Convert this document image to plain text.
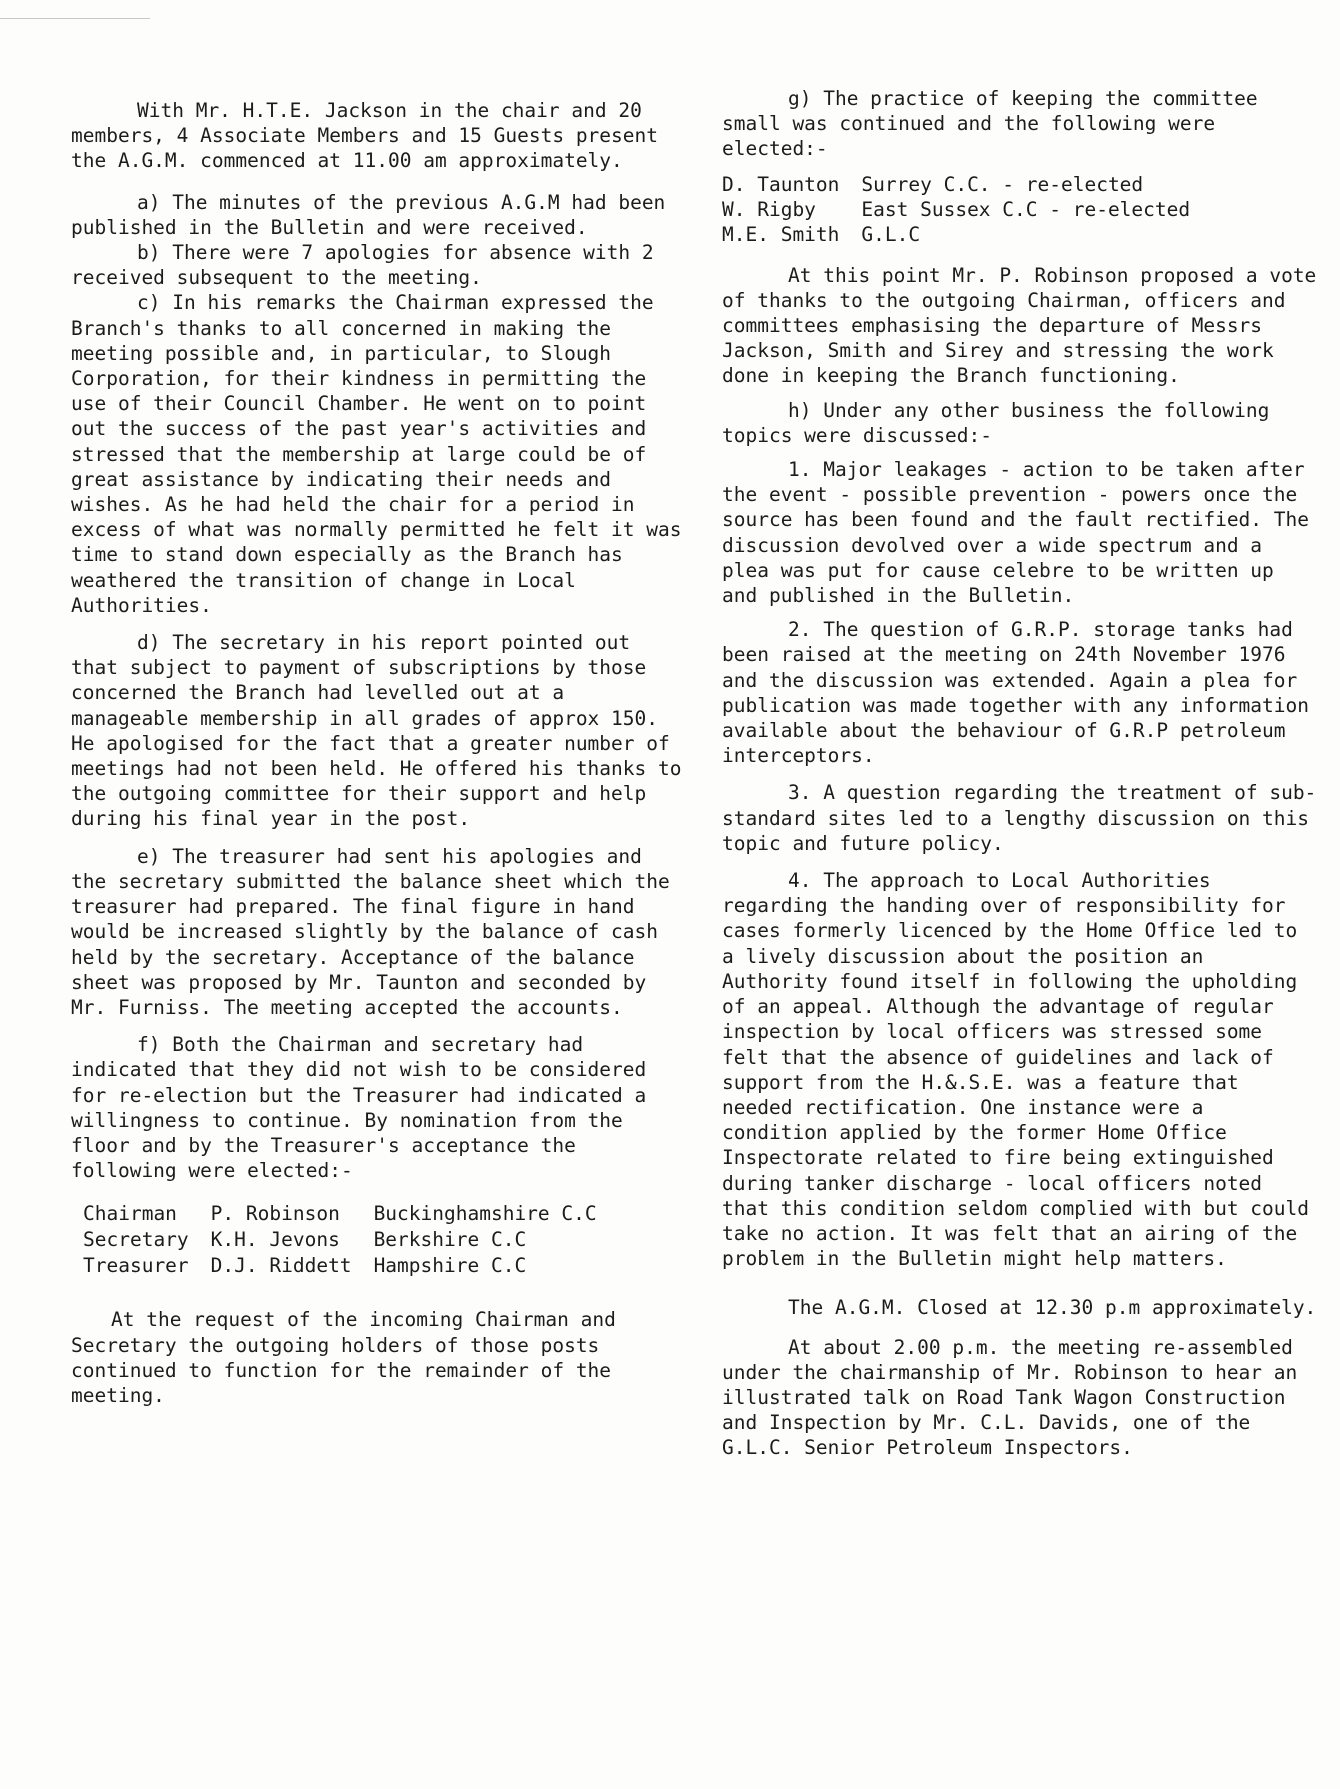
With Mr. H.T.E. Jackson in the chair and 20 members, 4 Associate Members and 15 Guests present the A.G.M. commenced at 11.00 am approximately.

a) The minutes of the previous A.G.M had been published in the Bulletin and were received.

b) There were 7 apologies for absence with 2 received subsequent to the meeting.

c) In his remarks the Chairman expressed the Branch's thanks to all concerned in making the meeting possible and, in particular, to Slough Corporation, for their kindness in permitting the use of their Council Chamber. He went on to point out the success of the past year's activities and stressed that the membership at large could be of great assistance by indicating their needs and wishes. As he had held the chair for a period in excess of what was normally permitted he felt it was time to stand down especially as the Branch has weathered the transition of change in Local Authorities.

d) The secretary in his report pointed out that subject to payment of subscriptions by those concerned the Branch had levelled out at a manageable membership in all grades of approx 150. He apologised for the fact that a greater number of meetings had not been held. He offered his thanks to the outgoing committee for their support and help during his final year in the post.

e) The treasurer had sent his apologies and the secretary submitted the balance sheet which the treasurer had prepared. The final figure in hand would be increased slightly by the balance of cash held by the secretary. Acceptance of the balance sheet was proposed by Mr. Taunton and seconded by Mr. Furniss. The meeting accepted the accounts.

f) Both the Chairman and secretary had indicated that they did not wish to be considered for re-election but the Treasurer had indicated a willingness to continue. By nomination from the floor and by the Treasurer's acceptance the following were elected:-

Chairman	P. Robinson	Buckinghamshire C.C
Secretary	K.H. Jevons	Berkshire C.C
Treasurer	D.J. Riddett	Hampshire C.C

At the request of the incoming Chairman and Secretary the outgoing holders of those posts continued to function for the remainder of the meeting.

g) The practice of keeping the committee small was continued and the following were elected:-

D. Taunton	Surrey C.C. - re-elected
W. Rigby	East Sussex C.C - re-elected
M.E. Smith	G.L.C

At this point Mr. P. Robinson proposed a vote of thanks to the outgoing Chairman, officers and committees emphasising the departure of Messrs Jackson, Smith and Sirey and stressing the work done in keeping the Branch functioning.

h) Under any other business the following topics were discussed:-

1. Major leakages - action to be taken after the event - possible prevention - powers once the source has been found and the fault rectified. The discussion devolved over a wide spectrum and a plea was put for cause celebre to be written up and published in the Bulletin.

2. The question of G.R.P. storage tanks had been raised at the meeting on 24th November 1976 and the discussion was extended. Again a plea for publication was made together with any information available about the behaviour of G.R.P petroleum interceptors.

3. A question regarding the treatment of sub-standard sites led to a lengthy discussion on this topic and future policy.

4. The approach to Local Authorities regarding the handing over of responsibility for cases formerly licenced by the Home Office led to a lively discussion about the position an Authority found itself in following the upholding of an appeal. Although the advantage of regular inspection by local officers was stressed some felt that the absence of guidelines and lack of support from the H.&.S.E. was a feature that needed rectification. One instance were a condition applied by the former Home Office Inspectorate related to fire being extinguished during tanker discharge - local officers noted that this condition seldom complied with but could take no action. It was felt that an airing of the problem in the Bulletin might help matters.

The A.G.M. Closed at 12.30 p.m approximately.

At about 2.00 p.m. the meeting re-assembled under the chairmanship of Mr. Robinson to hear an illustrated talk on Road Tank Wagon Construction and Inspection by Mr. C.L. Davids, one of the G.L.C. Senior Petroleum Inspectors.
